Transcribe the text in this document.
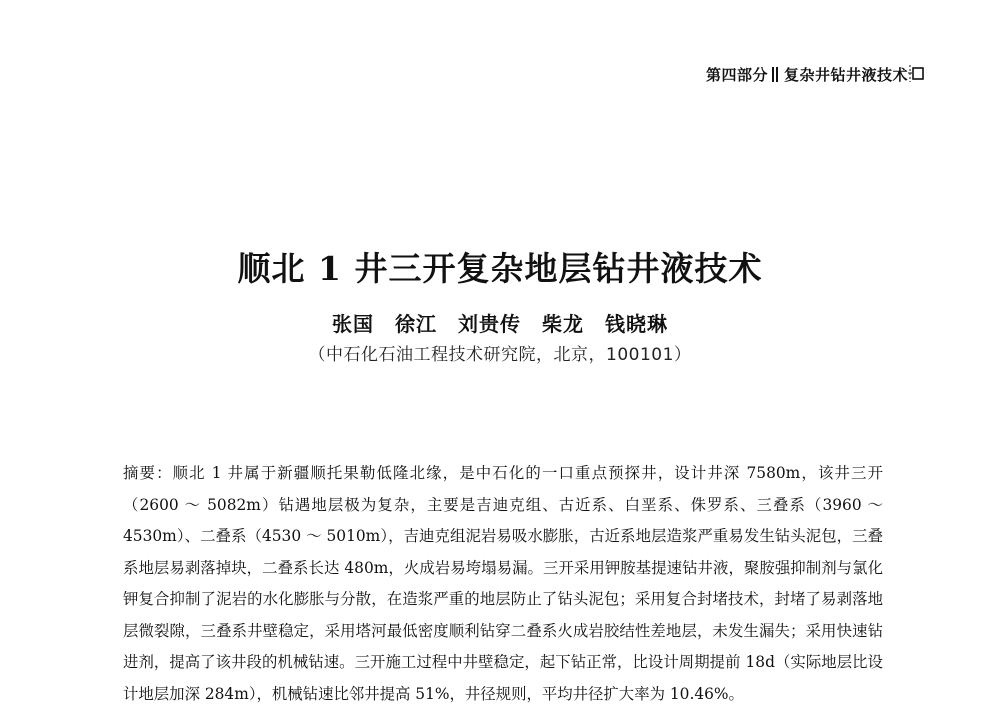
第四部分 复杂井钻井液技术
顺北 1 井三开复杂地层钻井液技术
张国　徐江　刘贵传　柴龙　钱晓琳
（中石化石油工程技术研究院，北京，100101）
摘要：顺北 1 井属于新疆顺托果勒低隆北缘，是中石化的一口重点预探井，设计井深 7580m，该井三开（2600 ～ 5082m）钻遇地层极为复杂，主要是吉迪克组、古近系、白垩系、侏罗系、三叠系（3960 ～ 4530m）、二叠系（4530 ～ 5010m），吉迪克组泥岩易吸水膨胀，古近系地层造浆严重易发生钻头泥包，三叠系地层易剥落掉块，二叠系长达 480m，火成岩易垮塌易漏。三开采用钾胺基提速钻井液，聚胺强抑制剂与氯化钾复合抑制了泥岩的水化膨胀与分散，在造浆严重的地层防止了钻头泥包；采用复合封堵技术，封堵了易剥落地层微裂隙，三叠系井壁稳定，采用塔河最低密度顺利钻穿二叠系火成岩胶结性差地层，未发生漏失；采用快速钻进剂，提高了该井段的机械钻速。三开施工过程中井壁稳定，起下钻正常，比设计周期提前 18d（实际地层比设计地层加深 284m），机械钻速比邻井提高 51%，井径规则，平均井径扩大率为 10.46%。
